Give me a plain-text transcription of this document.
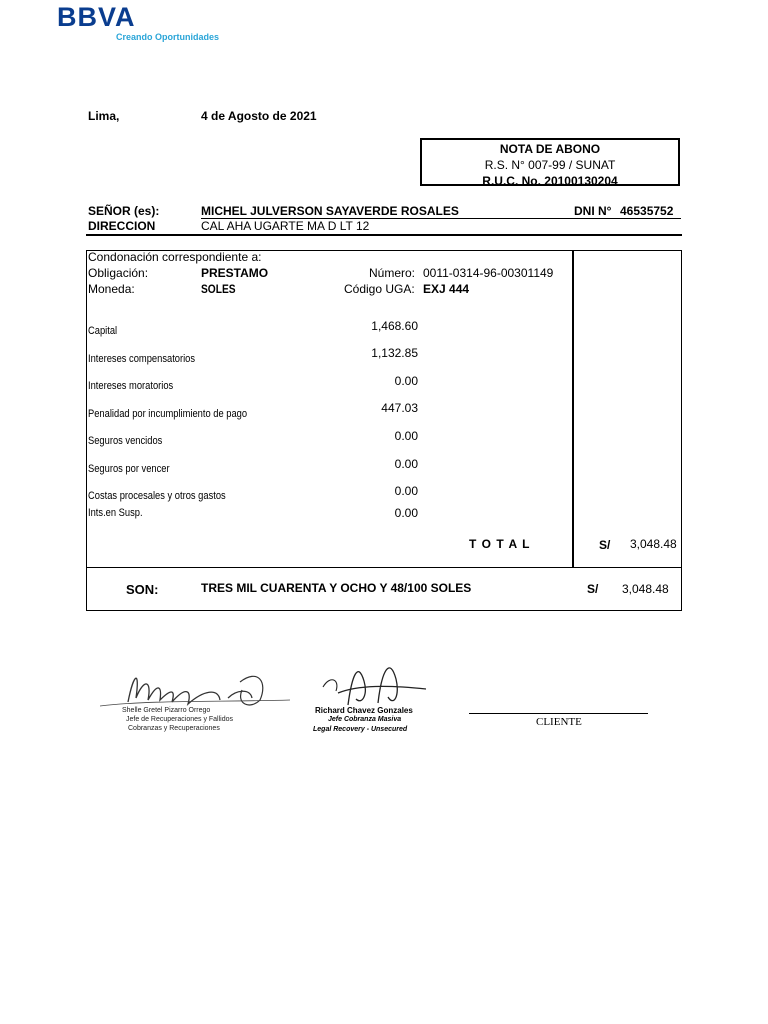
BBVA
Creando Oportunidades
Lima,	4 de Agosto de 2021
NOTA DE ABONO
R.S. N° 007-99 / SUNAT
R.U.C. No. 20100130204
SEÑOR (es):	MICHEL JULVERSON SAYAVERDE ROSALES	DNI N° 46535752
DIRECCION	CAL AHA UGARTE MA D LT 12
Condonación correspondiente a:
Obligación:	PRESTAMO	Número: 0011-0314-96-00301149
Moneda:	SOLES	Código UGA: EXJ 444
Capital	1,468.60
Intereses compensatorios	1,132.85
Intereses moratorios	0.00
Penalidad por incumplimiento de pago	447.03
Seguros vencidos	0.00
Seguros por vencer	0.00
Costas procesales y otros gastos	0.00
Ints.en Susp.	0.00
T O T A L	S/ 3,048.48
SON:	TRES MIL CUARENTA Y OCHO Y 48/100 SOLES	S/ 3,048.48
Shelle Gretel Pizarro Orrego
Jefe de Recuperaciones y Fallidos
Cobranzas y Recuperaciones
Richard Chavez Gonzales
Jefe Cobranza Masiva
Legal Recovery - Unsecured
CLIENTE
